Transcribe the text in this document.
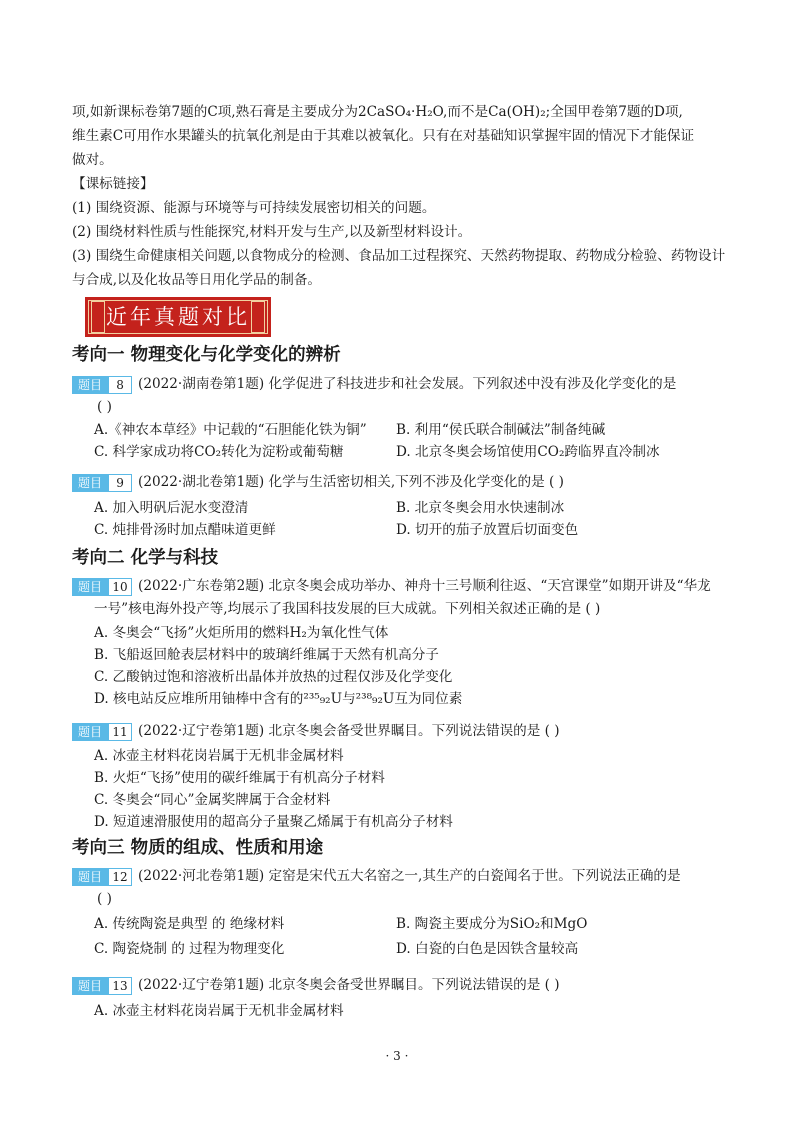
项,如新课标卷第7题的C项,熟石膏是主要成分为2CaSO₄·H₂O,而不是Ca(OH)₂;全国甲卷第7题的D项,
维生素C可用作水果罐头的抗氧化剂是由于其难以被氧化。只有在对基础知识掌握牢固的情况下才能保证
做对。
【课标链接】
(1) 围绕资源、能源与环境等与可持续发展密切相关的问题。
(2) 围绕材料性质与性能探究,材料开发与生产,以及新型材料设计。
(3) 围绕生命健康相关问题,以食物成分的检测、食品加工过程探究、天然药物提取、药物成分检验、药物设计
与合成,以及化妆品等日用化学品的制备。
近年真题对比
考向一 物理变化与化学变化的辨析
题目 8 (2022·湖南卷第1题) 化学促进了科技进步和社会发展。下列叙述中没有涉及化学变化的是
( )
A.《神农本草经》中记载的“石胆能化铁为铜” B. 利用“侯氏联合制碱法”制备纯碱
C. 科学家成功将CO₂转化为淀粉或葡萄糖	D. 北京冬奥会场馆使用CO₂跨临界直冷制冰
题目 9 (2022·湖北卷第1题) 化学与生活密切相关,下列不涉及化学变化的是 ( )
A. 加入明矾后泥水变澄清	B. 北京冬奥会用水快速制冰
C. 炖排骨汤时加点醋味道更鲜	D. 切开的茄子放置后切面变色
考向二 化学与科技
题目 10 (2022·广东卷第2题) 北京冬奥会成功举办、神舟十三号顺利往返、“天宫课堂”如期开讲及“华龙
一号”核电海外投产等,均展示了我国科技发展的巨大成就。下列相关叙述正确的是 ( )
A. 冬奥会“飞扬”火炬所用的燃料H₂为氧化性气体
B. 飞船返回舱表层材料中的玻璃纤维属于天然有机高分子
C. 乙酸钠过饱和溶液析出晶体并放热的过程仅涉及化学变化
D. 核电站反应堆所用铀棒中含有的²³⁵₉₂U与²³⁸₉₂U互为同位素
题目 11 (2022·辽宁卷第1题) 北京冬奥会备受世界瞩目。下列说法错误的是 ( )
A. 冰壶主材料花岗岩属于无机非金属材料
B. 火炬“飞扬”使用的碳纤维属于有机高分子材料
C. 冬奥会“同心”金属奖牌属于合金材料
D. 短道速滑服使用的超高分子量聚乙烯属于有机高分子材料
考向三 物质的组成、性质和用途
题目 12 (2022·河北卷第1题) 定窑是宋代五大名窑之一,其生产的白瓷闻名于世。下列说法正确的是
( )
A. 传统陶瓷是典型 的 绝缘材料	B. 陶瓷主要成分为SiO₂和MgO
C. 陶瓷烧制 的 过程为物理变化	D. 白瓷的白色是因铁含量较高
题目 13 (2022·辽宁卷第1题) 北京冬奥会备受世界瞩目。下列说法错误的是 ( )
A. 冰壶主材料花岗岩属于无机非金属材料
· 3 ·
